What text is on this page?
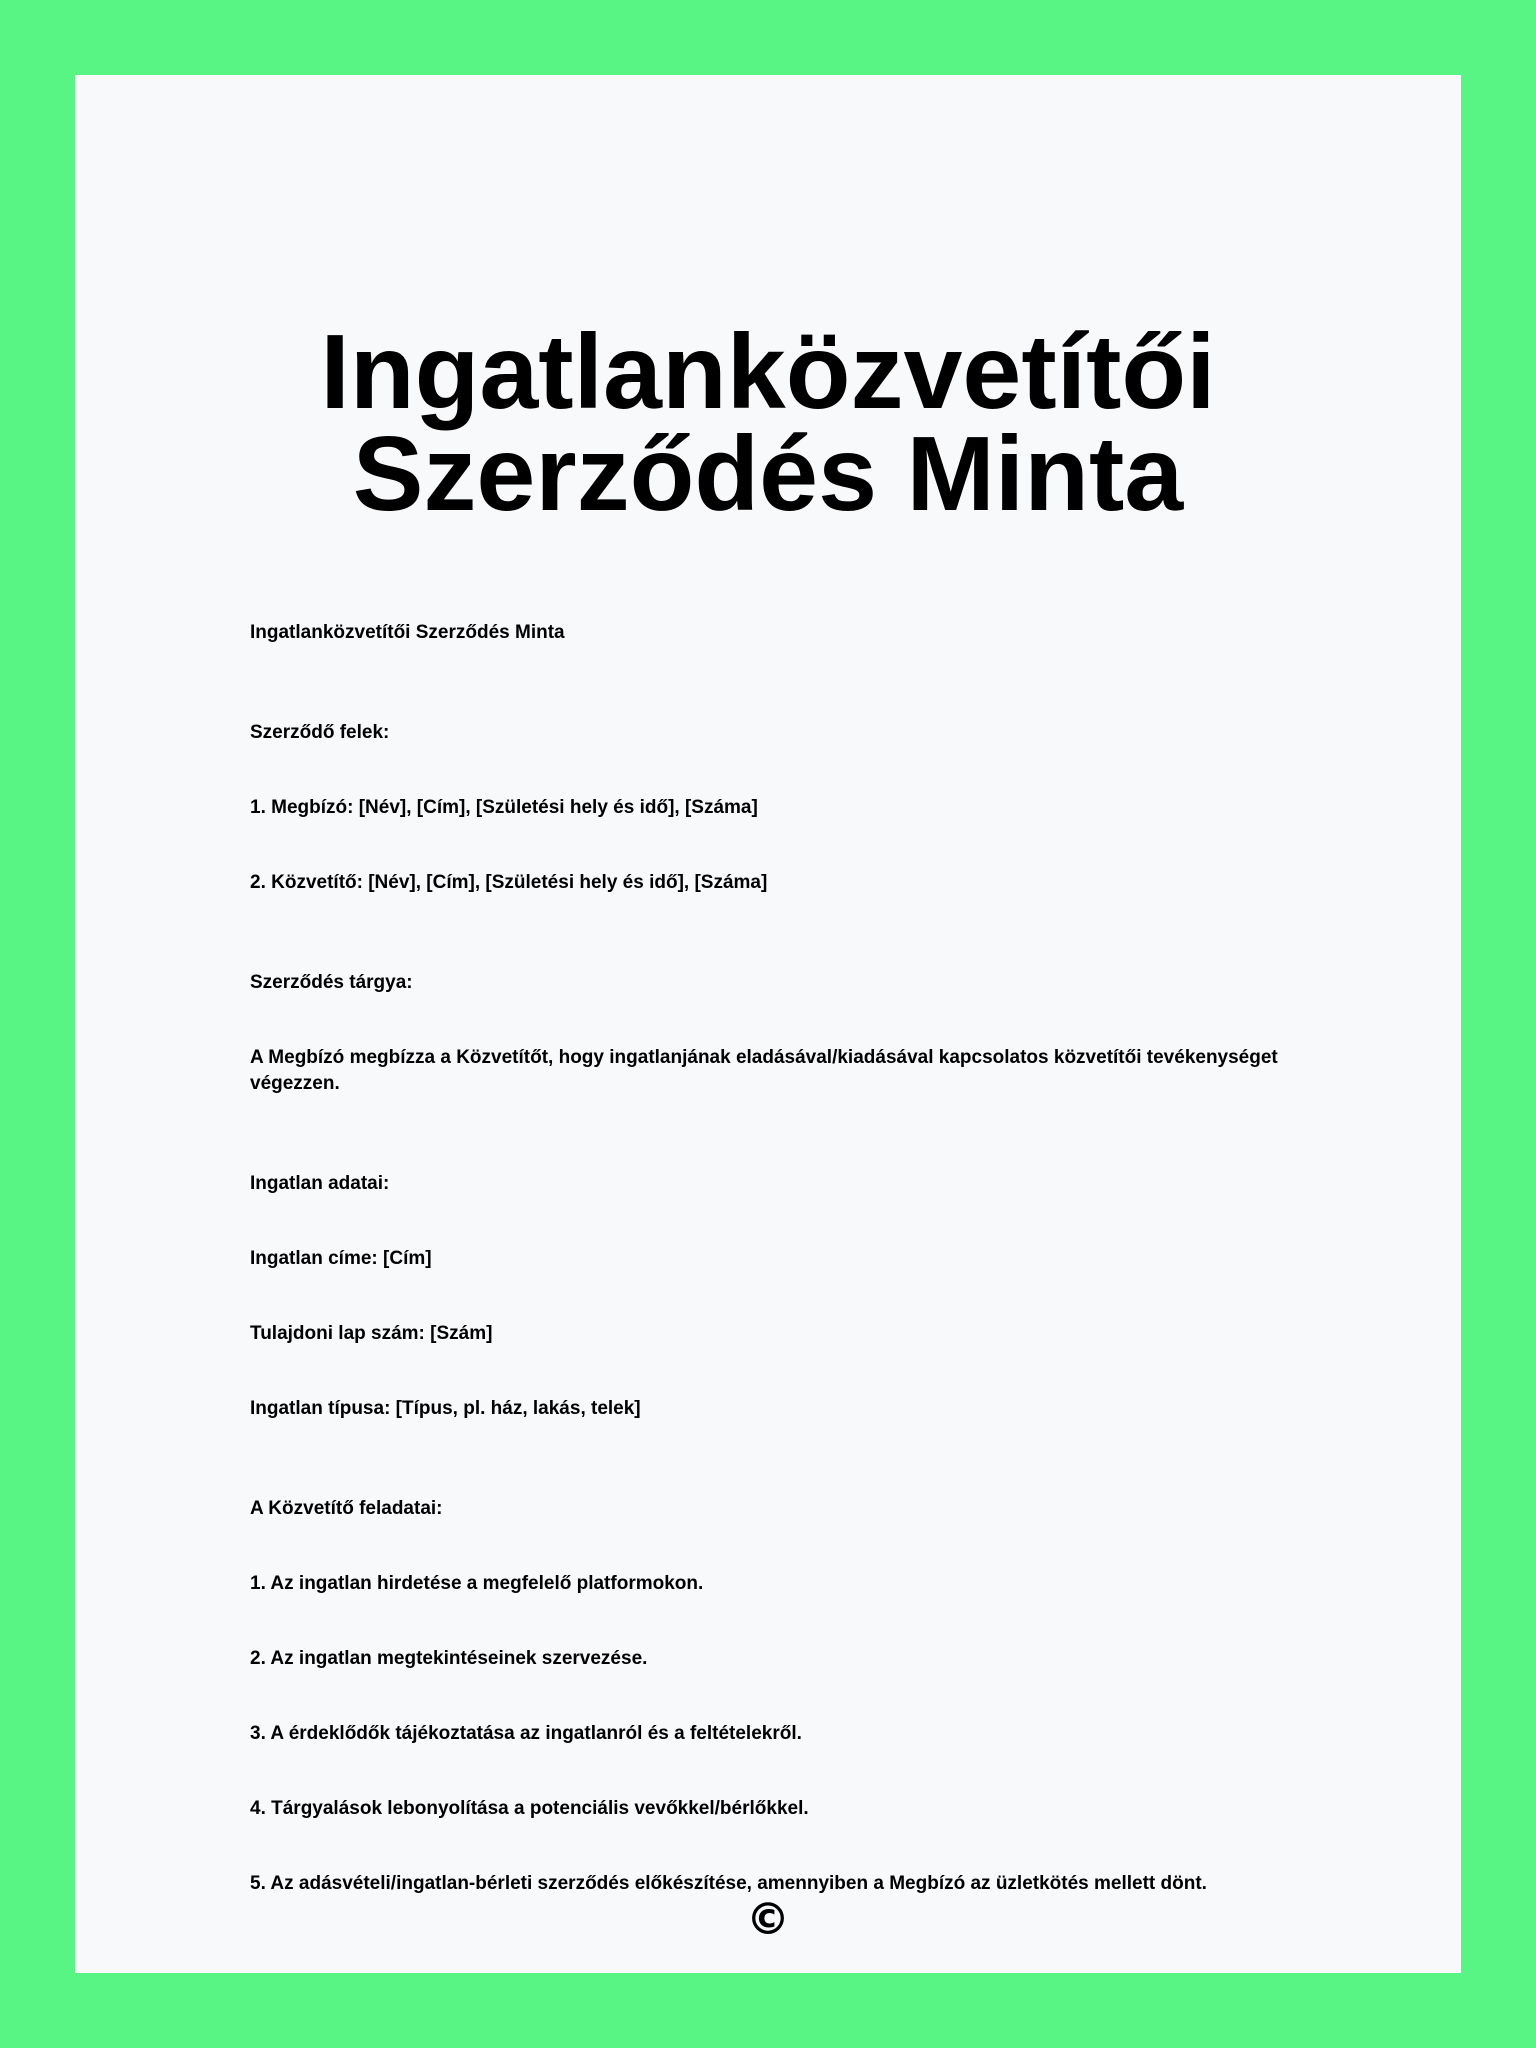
Ingatlanközvetítői Szerződés Minta

Ingatlanközvetítői Szerződés Minta

Szerződő felek:

1. Megbízó: [Név], [Cím], [Születési hely és idő], [Száma]

2. Közvetítő: [Név], [Cím], [Születési hely és idő], [Száma]

Szerződés tárgya:

A Megbízó megbízza a Közvetítőt, hogy ingatlanjának eladásával/kiadásával kapcsolatos közvetítői tevékenységet végezzen.

Ingatlan adatai:

Ingatlan címe: [Cím]

Tulajdoni lap szám: [Szám]

Ingatlan típusa: [Típus, pl. ház, lakás, telek]

A Közvetítő feladatai:

1. Az ingatlan hirdetése a megfelelő platformokon.

2. Az ingatlan megtekintéseinek szervezése.

3. A érdeklődők tájékoztatása az ingatlanról és a feltételekről.

4. Tárgyalások lebonyolítása a potenciális vevőkkel/bérlőkkel.

5. Az adásvételi/ingatlan-bérleti szerződés előkészítése, amennyiben a Megbízó az üzletkötés mellett dönt.

©
